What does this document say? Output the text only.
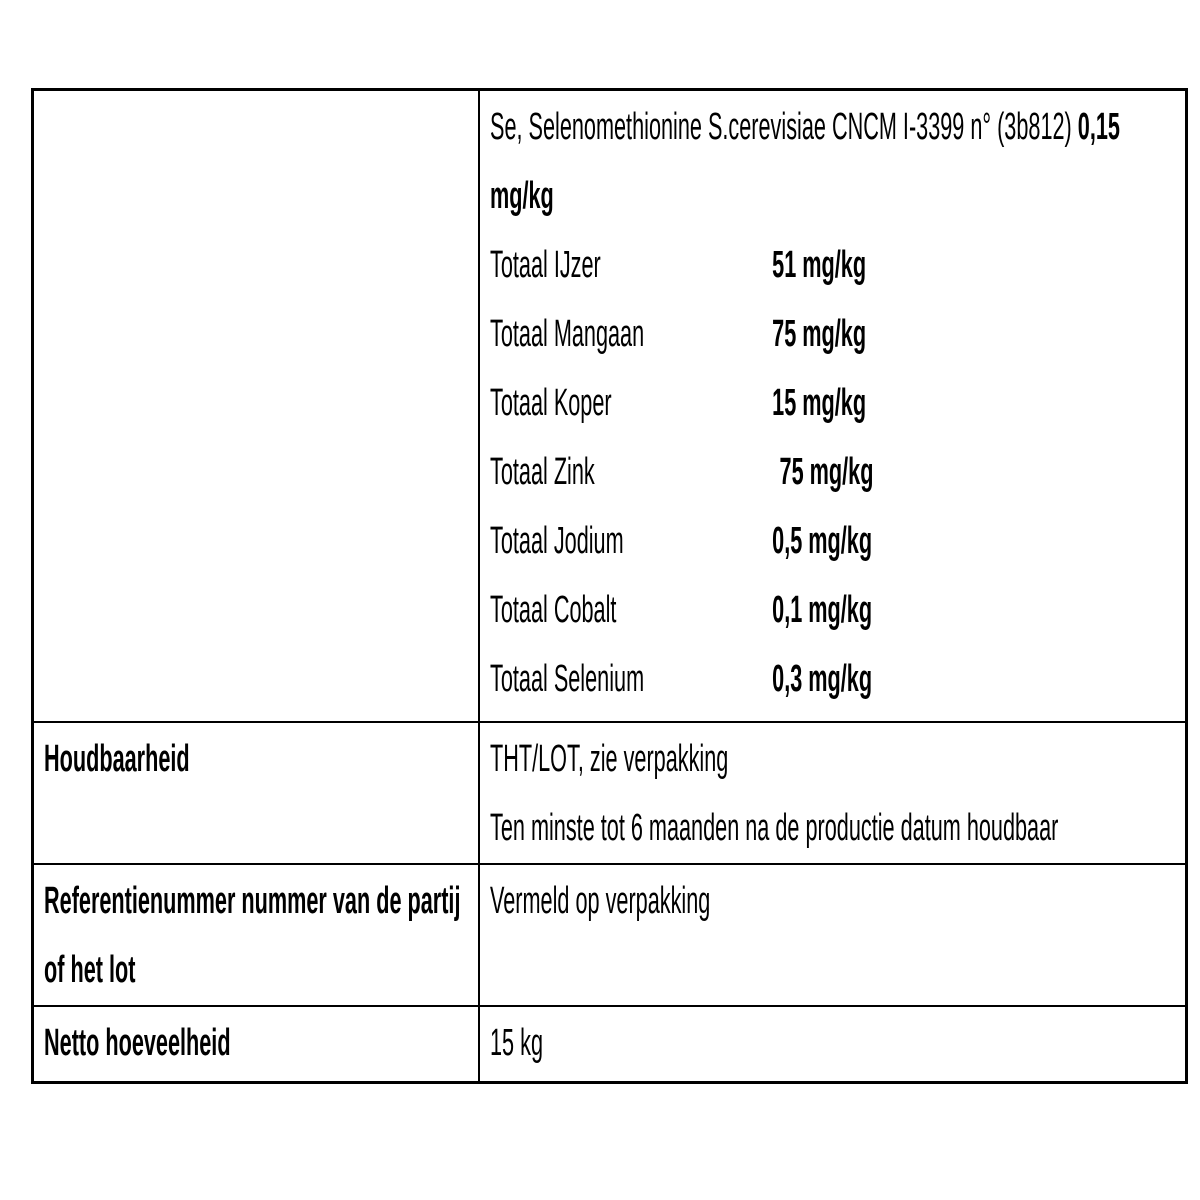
Se, Selenomethionine S.cerevisiae CNCM I-3399 n° (3b812) 0,15
mg/kg
Totaal IJzer	51 mg/kg
Totaal Mangaan	75 mg/kg
Totaal Koper	15 mg/kg
Totaal Zink	75 mg/kg
Totaal Jodium	0,5 mg/kg
Totaal Cobalt	0,1 mg/kg
Totaal Selenium	0,3 mg/kg

Houdbaarheid	THT/LOT, zie verpakking
Ten minste tot 6 maanden na de productie datum houdbaar

Referentienummer nummer van de partij of het lot	Vermeld op verpakking

Netto hoeveelheid	15 kg
